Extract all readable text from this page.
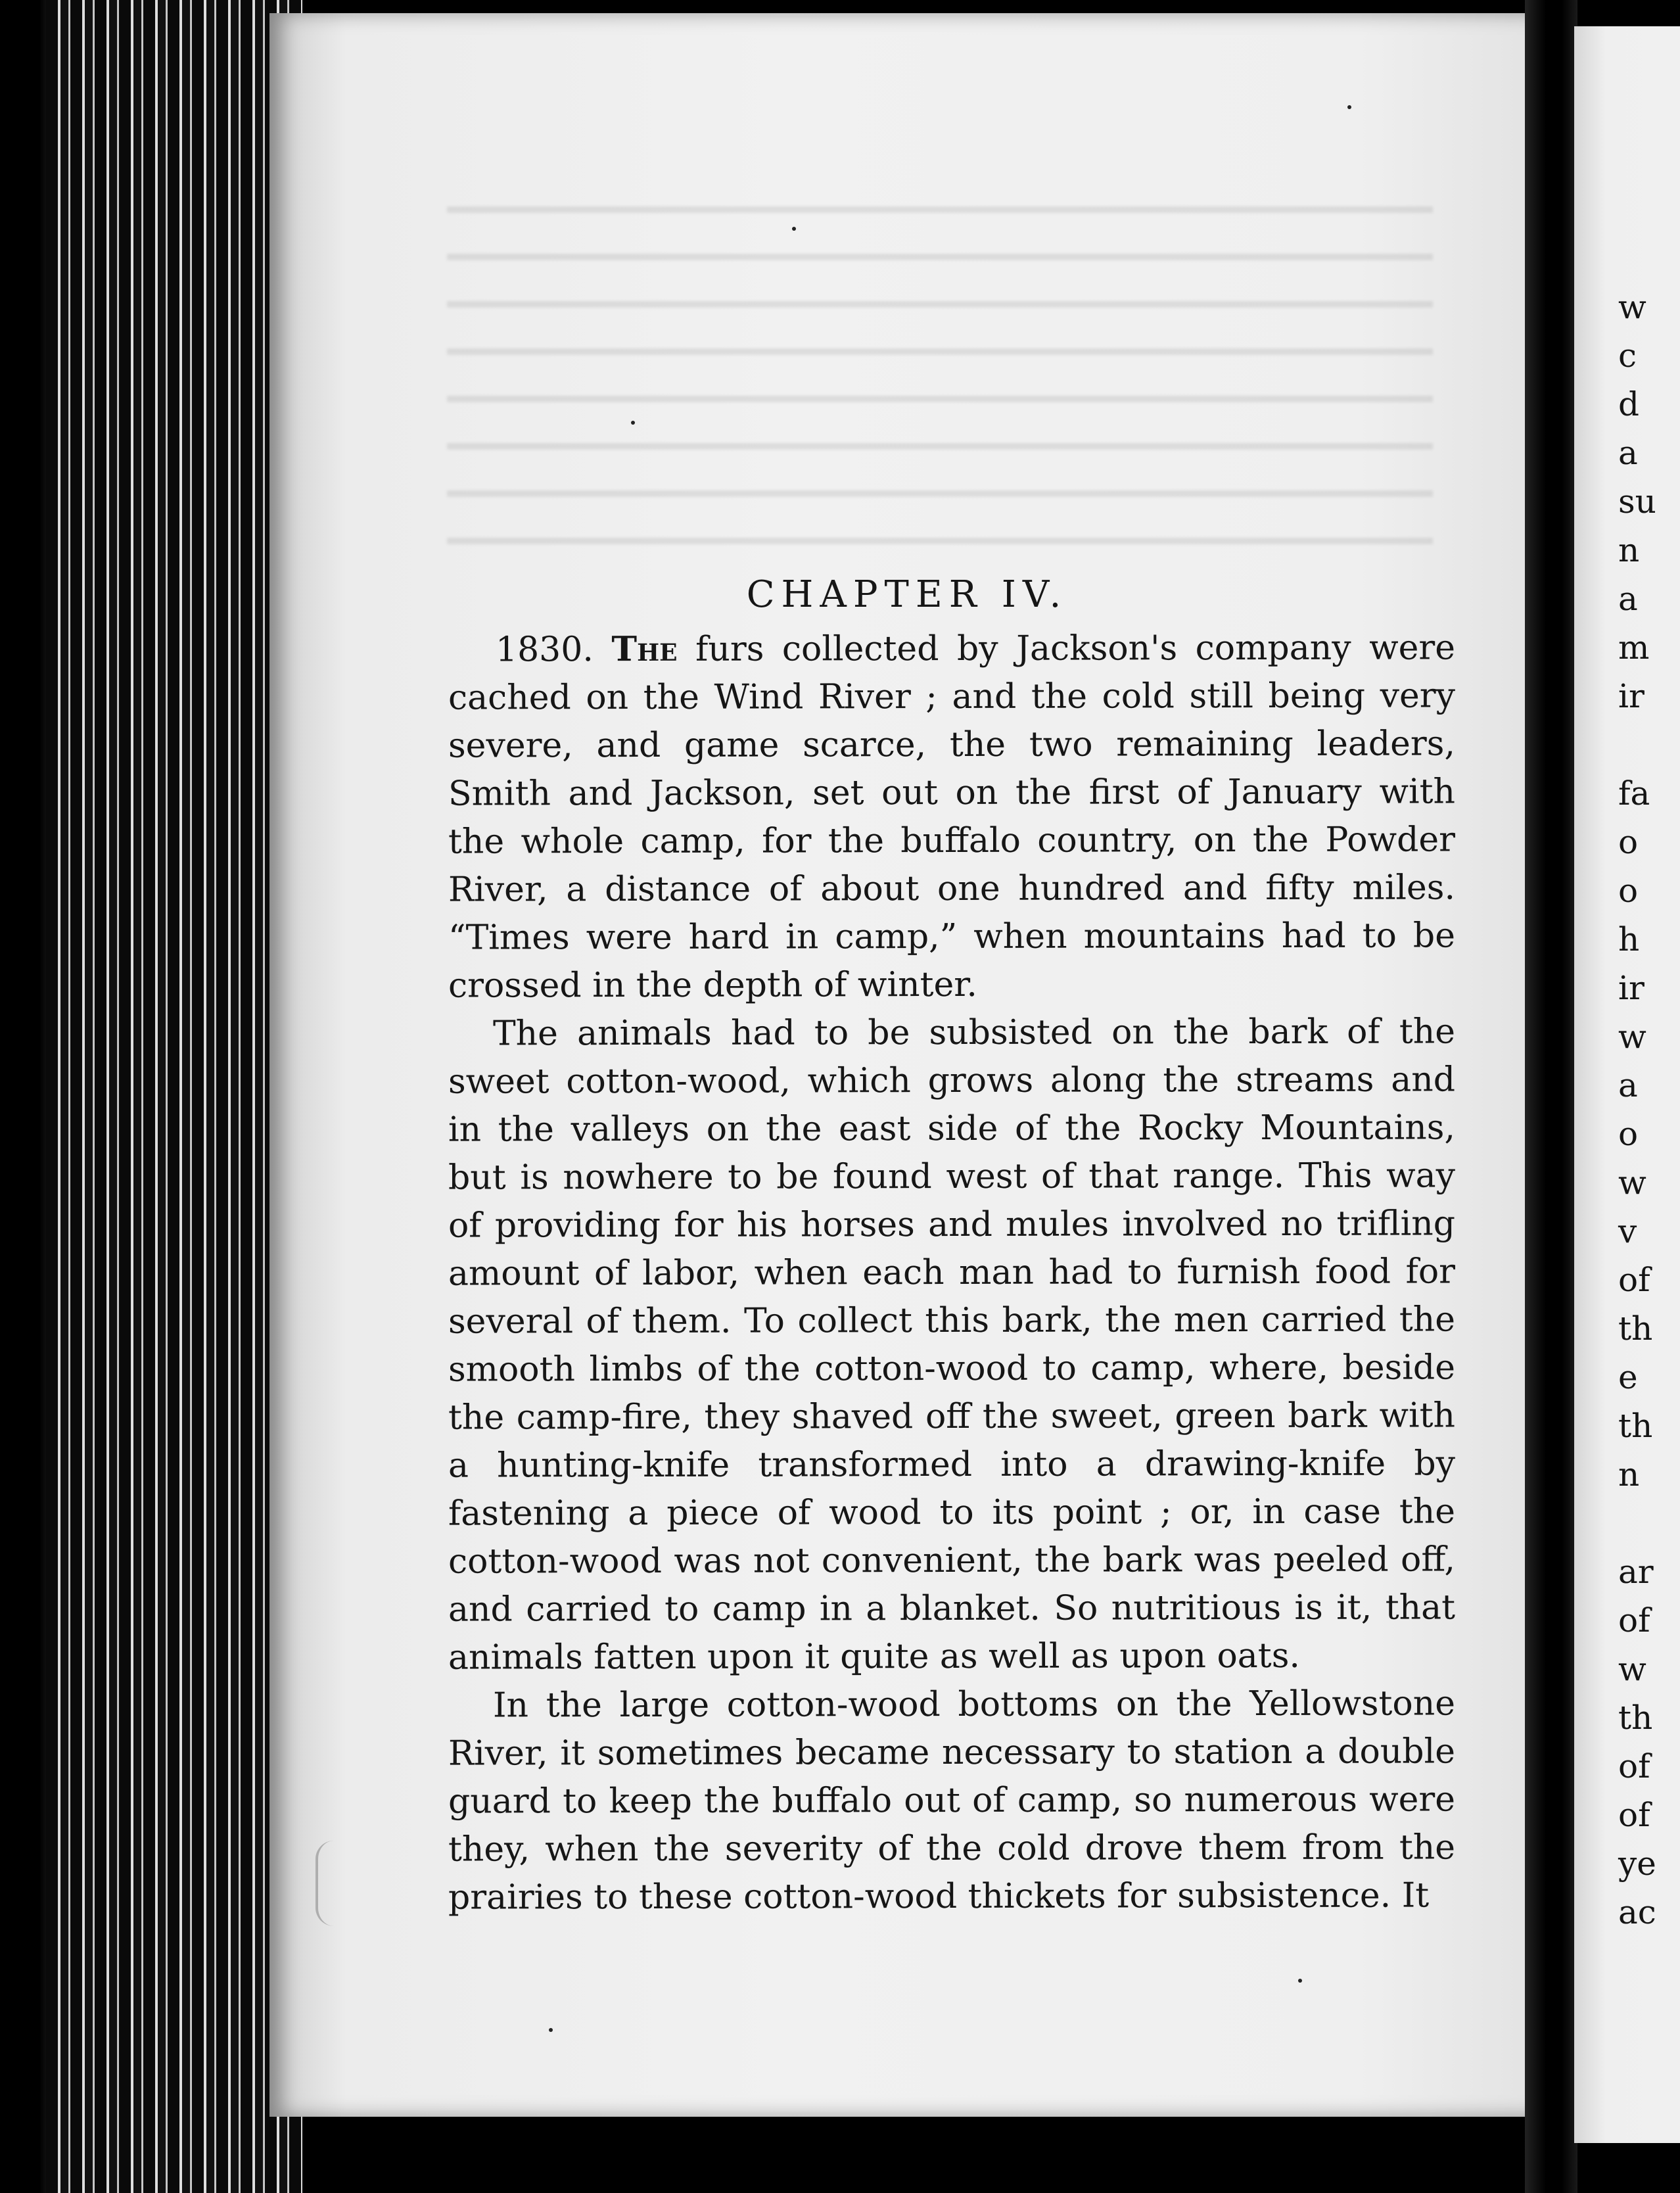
w
c
d
a
su
n
a
m
ir
fa
o
o
h
ir
w
a
o
w
v
of
th
e
th
n
ar
of
w
th
of
of
ye
ac
CHAPTER IV.

1830. The furs collected by Jackson's company were cached on the Wind River ; and the cold still being very severe, and game scarce, the two remaining leaders, Smith and Jackson, set out on the first of January with the whole camp, for the buffalo country, on the Powder River, a distance of about one hundred and fifty miles. “Times were hard in camp,” when mountains had to be crossed in the depth of winter.

The animals had to be subsisted on the bark of the sweet cotton-wood, which grows along the streams and in the valleys on the east side of the Rocky Mountains, but is nowhere to be found west of that range. This way of providing for his horses and mules involved no trifling amount of labor, when each man had to furnish food for several of them. To collect this bark, the men carried the smooth limbs of the cotton-wood to camp, where, beside the camp-fire, they shaved off the sweet, green bark with a hunting-knife transformed into a drawing-knife by fastening a piece of wood to its point ; or, in case the cotton-wood was not convenient, the bark was peeled off, and carried to camp in a blanket. So nutritious is it, that animals fatten upon it quite as well as upon oats.

In the large cotton-wood bottoms on the Yellowstone River, it sometimes became necessary to station a double guard to keep the buffalo out of camp, so numerous were they, when the severity of the cold drove them from the prairies to these cotton-wood thickets for subsistence. It
